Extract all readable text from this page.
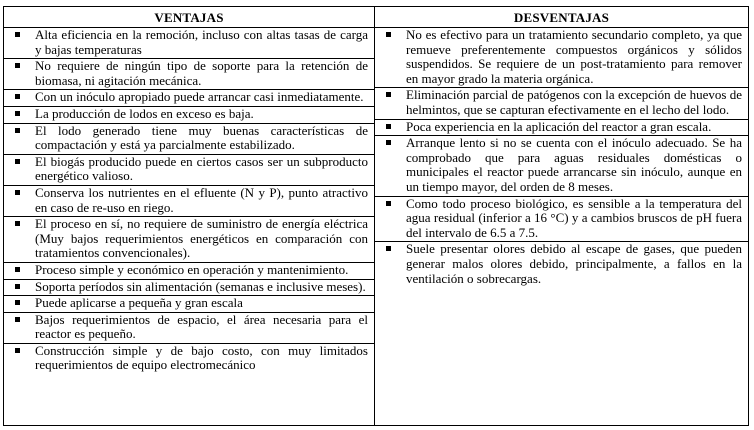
VENTAJAS
Alta eficiencia en la remoción, incluso con altas tasas de carga y bajas temperaturas
No requiere de ningún tipo de soporte para la retención de biomasa, ni agitación mecánica.
Con un inóculo apropiado puede arrancar casi inmediatamente.
La producción de lodos en exceso es baja.
El lodo generado tiene muy buenas características de compactación y está ya parcialmente estabilizado.
El biogás producido puede en ciertos casos ser un subproducto energético valioso.
Conserva los nutrientes en el efluente (N y P), punto atractivo en caso de re-uso en riego.
El proceso en sí, no requiere de suministro de energía eléctrica (Muy bajos requerimientos energéticos en comparación con tratamientos convencionales).
Proceso simple y económico en operación y mantenimiento.
Soporta períodos sin alimentación (semanas e inclusive meses).
Puede aplicarse a pequeña y gran escala
Bajos requerimientos de espacio, el área necesaria para el reactor es pequeño.
Construcción simple y de bajo costo, con muy limitados requerimientos de equipo electromecánico
DESVENTAJAS
No es efectivo para un tratamiento secundario completo, ya que remueve preferentemente compuestos orgánicos y sólidos suspendidos. Se requiere de un post-tratamiento para remover en mayor grado la materia orgánica.
Eliminación parcial de patógenos con la excepción de huevos de helmintos, que se capturan efectivamente en el lecho del lodo.
Poca experiencia en la aplicación del reactor a gran escala.
Arranque lento si no se cuenta con el inóculo adecuado. Se ha comprobado que para aguas residuales domésticas o municipales el reactor puede arrancarse sin inóculo, aunque en un tiempo mayor, del orden de 8 meses.
Como todo proceso biológico, es sensible a la temperatura del agua residual (inferior a 16 °C) y a cambios bruscos de pH fuera del intervalo de 6.5 a 7.5.
Suele presentar olores debido al escape de gases, que pueden generar malos olores debido, principalmente, a fallos en la ventilación o sobrecargas.
